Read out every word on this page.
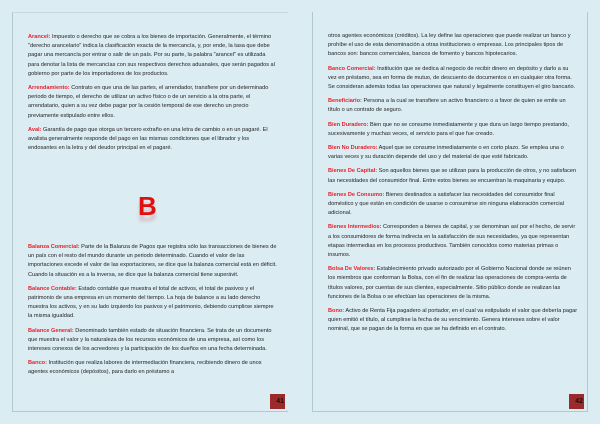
Arancel: Impuesto o derecho que se cobra a los bienes de importación. Generalmente, el término "derecho arancelario" indica la clasificación exacta de la mercancía, y, por ende, la tasa que debe pagar una mercancía por entrar o salir de un país. Por su parte, la palabra "arancel" es utilizada para denotar la lista de mercancías con sus respectivos derechos aduanales, que serán pagados al gobierno por parte de los importadores de los productos.

Arrendamiento: Contrato en que una de las partes, el arrendador, transfiere por un determinado periodo de tiempo, el derecho de utilizar un activo físico o de un servicio a la otra parte, el arrendatario, quien a su vez debe pagar por la cesión temporal de ese derecho un precio previamente estipulado entre ellos.

Aval: Garantía de pago que otorga un tercero extraño en una letra de cambio o en un pagaré. El avalista generalmente responde del pago en las mismas condiciones que el librador y los endosantes en la letra y del deudor principal en el pagaré.

B

Balanza Comercial: Parte de la Balanza de Pagos que registra sólo las transacciones de bienes de un país con el resto del mundo durante un periodo determinado. Cuando el valor de las importaciones excede el valor de las exportaciones, se dice que la balanza comercial está en déficit. Cuando la situación es a la inversa, se dice que la balanza comercial tiene superávit.

Balance Contable: Estado contable que muestra el total de activos, el total de pasivos y el patrimonio de una empresa en un momento del tiempo. La hoja de balance a su lado derecho muestra los activos, y en su lado izquierdo los pasivos y el patrimonio, debiendo cumplirse siempre la misma igualdad.

Balance General: Denominado también estado de situación financiera. Se trata de un documento que muestra el valor y la naturaleza de los recursos económicos de una empresa, así como los intereses conexos de los acreedores y la participación de los dueños en una fecha determinada.

Banco: Institución que realiza labores de intermediación financiera, recibiendo dinero de unos agentes económicos (depósitos), para darlo en préstamo a

41

otros agentes económicos (créditos). La ley define las operaciones que puede realizar un banco y prohíbe el uso de esta denominación a otras instituciones o empresas. Los principales tipos de bancos son: bancos comerciales, bancos de fomento y bancos hipotecarios.

Banco Comercial: Institución que se dedica al negocio de recibir dinero en depósito y darlo a su vez en préstamo, sea en forma de mutuo, de descuento de documentos o en cualquier otra forma. Se consideran además todas las operaciones que natural y legalmente constituyen el giro bancario.

Beneficiario: Persona a la cual se transfiere un activo financiero o a favor de quien se emite un título o un contrato de seguro.

Bien Duradero: Bien que no se consume inmediatamente y que dura un largo tiempo prestando, sucesivamente y muchas veces, el servicio para el que fue creado.

Bien No Duradero: Aquel que se consume inmediatamente o en corto plazo. Se emplea una o varias veces y su duración depende del uso y del material de que esté fabricado.

Bienes De Capital: Son aquellos bienes que se utilizan para la producción de otros, y no satisfacen las necesidades del consumidor final. Entre estos bienes se encuentran la maquinaria y equipo.

Bienes De Consumo: Bienes destinados a satisfacer las necesidades del consumidor final doméstico y que están en condición de usarse o consumirse sin ninguna elaboración comercial adicional.

Bienes Intermedios: Corresponden a bienes de capital, y se denominan así por el hecho, de servir a los consumidores de forma indirecta en la satisfacción de sus necesidades, ya que representan etapas intermedias en los procesos productivos. También conocidos como materias primas o insumos.

Bolsa De Valores: Establecimiento privado autorizado por el Gobierno Nacional donde se reúnen los miembros que conforman la Bolsa, con el fin de realizar las operaciones de compra-venta de títulos valores, por cuentas de sus clientes, especialmente. Sitio público donde se realizan las funciones de la Bolsa o se efectúan las operaciones de la misma.

Bono: Activo de Renta Fija pagadero al portador, en el cual va estipulado el valor que debería pagar quien emitió el título, al cumplirse la fecha de su vencimiento. Genera intereses sobre el valor nominal, que se pagan de la forma en que se ha definido en el contrato.

42
